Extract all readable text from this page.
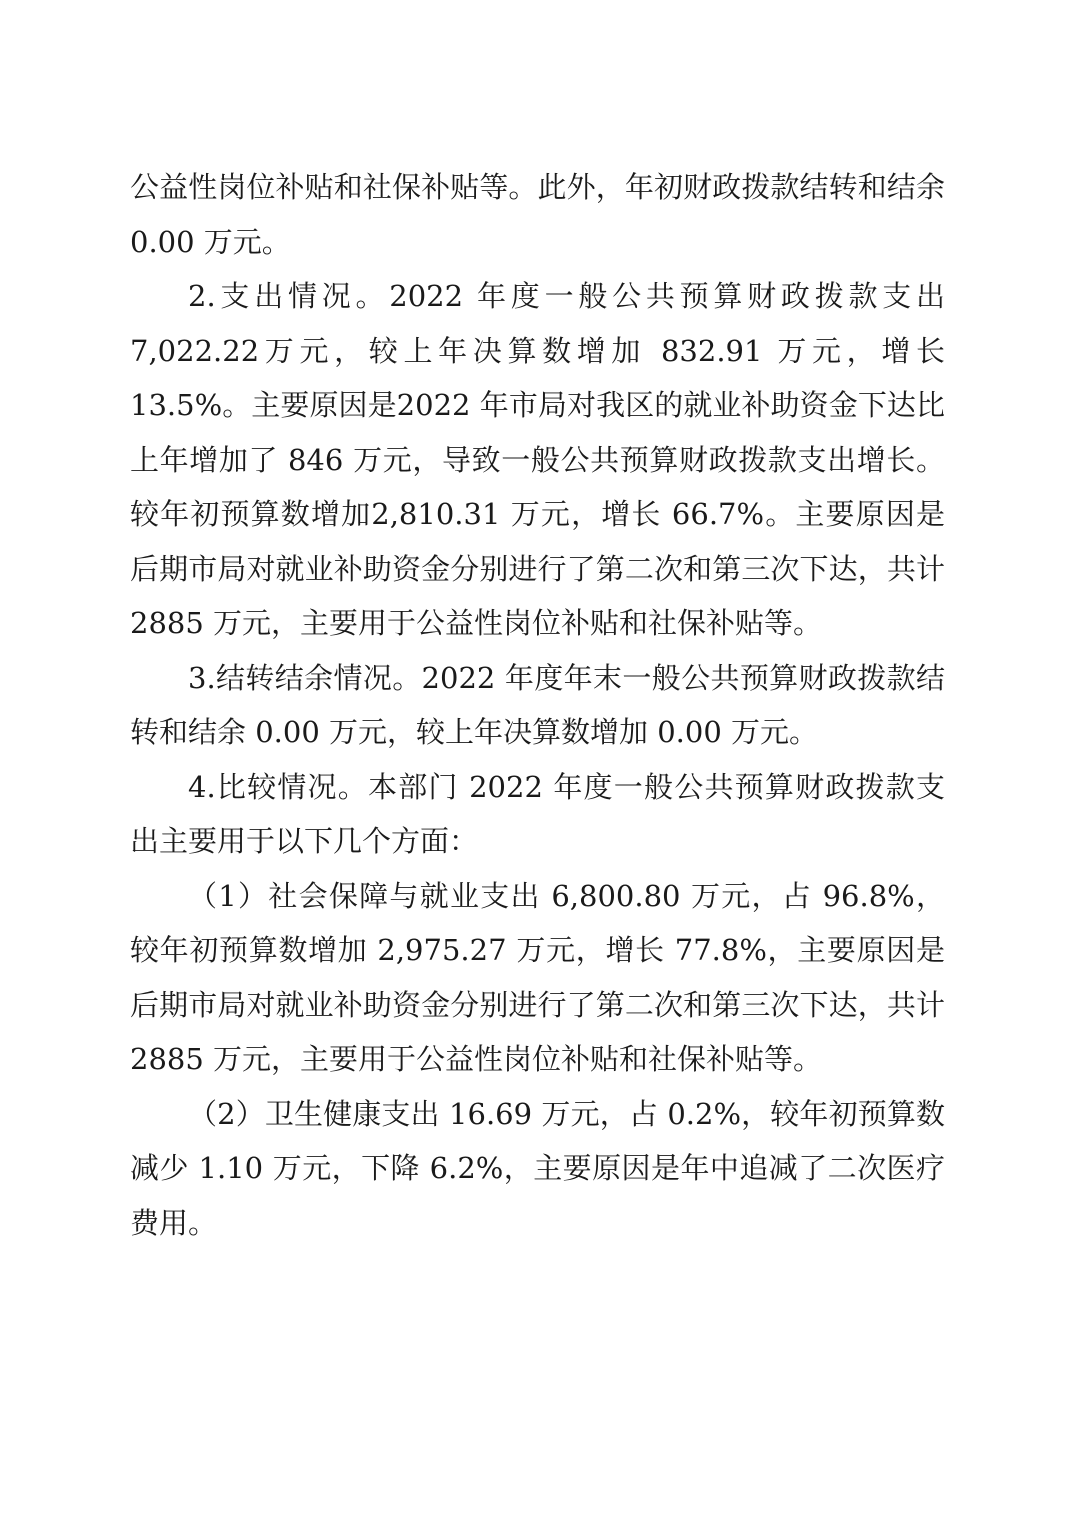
公益性岗位补贴和社保补贴等。此外，年初财政拨款结转和结余0.00 万元。

2.支出情况。2022 年度一般公共预算财政拨款支出 7,022.22万元，较上年决算数增加 832.91 万元，增长 13.5%。主要原因是2022 年市局对我区的就业补助资金下达比上年增加了 846 万元，导致一般公共预算财政拨款支出增长。较年初预算数增加2,810.31 万元，增长 66.7%。主要原因是后期市局对就业补助资金分别进行了第二次和第三次下达，共计 2885 万元，主要用于公益性岗位补贴和社保补贴等。

3.结转结余情况。2022 年度年末一般公共预算财政拨款结转和结余 0.00 万元，较上年决算数增加 0.00 万元。

4.比较情况。本部门 2022 年度一般公共预算财政拨款支出主要用于以下几个方面：

（1）社会保障与就业支出 6,800.80 万元，占 96.8%，较年初预算数增加 2,975.27 万元，增长 77.8%，主要原因是后期市局对就业补助资金分别进行了第二次和第三次下达，共计 2885 万元，主要用于公益性岗位补贴和社保补贴等。

（2）卫生健康支出 16.69 万元，占 0.2%，较年初预算数减少 1.10 万元，下降 6.2%，主要原因是年中追减了二次医疗费用。
